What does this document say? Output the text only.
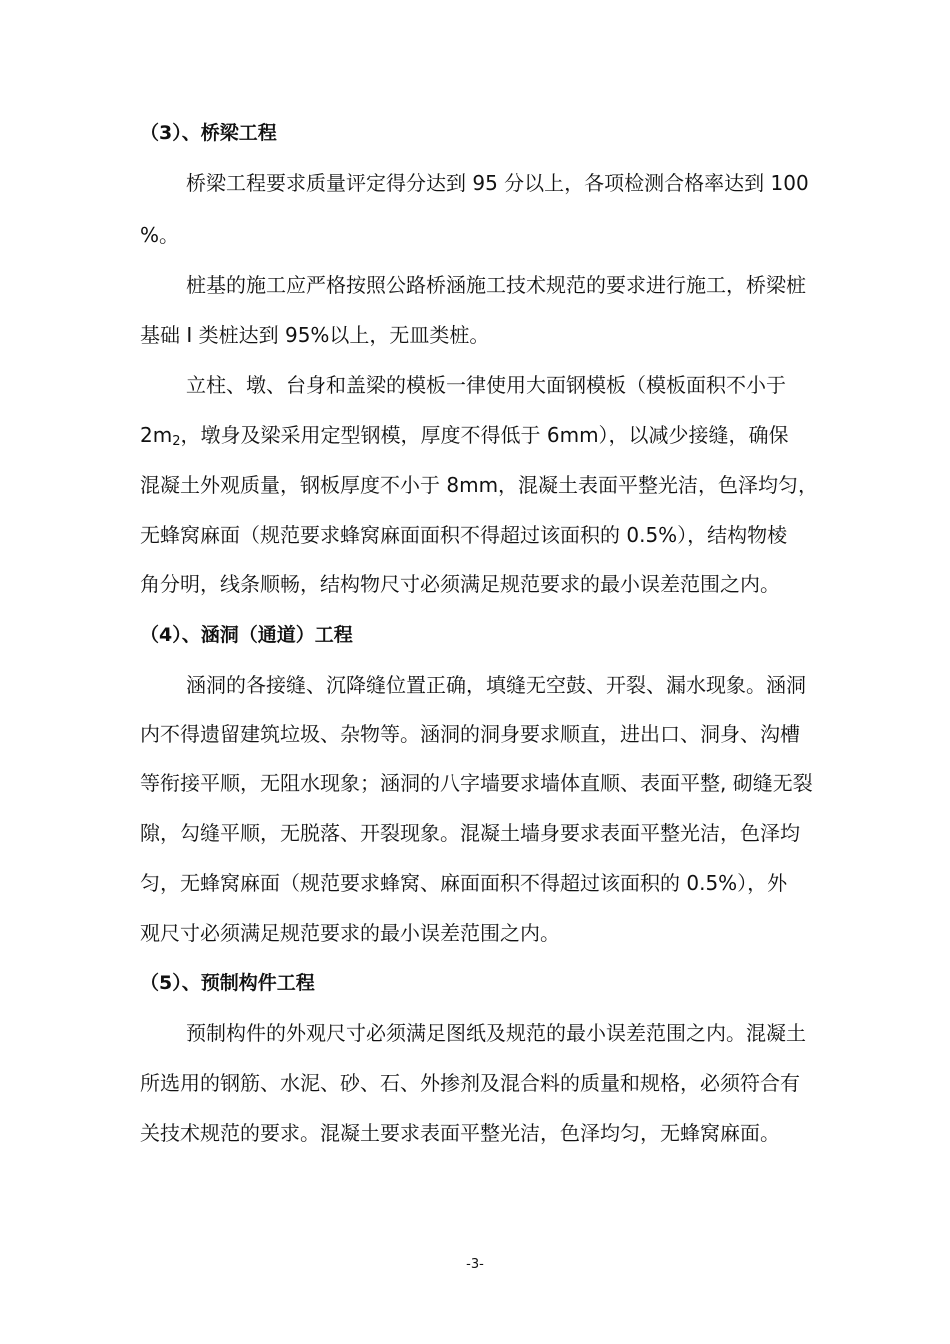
（3）、桥梁工程
桥梁工程要求质量评定得分达到 95 分以上，各项检测合格率达到 100
%。
桩基的施工应严格按照公路桥涵施工技术规范的要求进行施工，桥梁桩
基础 I 类桩达到 95%以上，无皿类桩。
立柱、墩、台身和盖梁的模板一律使用大面钢模板（模板面积不小于
$2m_2$，墩身及梁采用定型钢模，厚度不得低于 6mm），以减少接缝，确保
混凝土外观质量，钢板厚度不小于 8mm，混凝土表面平整光洁，色泽均匀，
无蜂窝麻面（规范要求蜂窝麻面面积不得超过该面积的 0.5%），结构物棱
角分明，线条顺畅，结构物尺寸必须满足规范要求的最小误差范围之内。
（4）、涵洞（通道）工程
涵洞的各接缝、沉降缝位置正确，填缝无空鼓、开裂、漏水现象。涵洞
内不得遗留建筑垃圾、杂物等。涵洞的洞身要求顺直，进出口、洞身、沟槽
等衔接平顺，无阻水现象；涵洞的八字墙要求墙体直顺、表面平整, 砌缝无裂
隙，勾缝平顺，无脱落、开裂现象。混凝土墙身要求表面平整光洁，色泽均
匀，无蜂窝麻面（规范要求蜂窝、麻面面积不得超过该面积的 0.5%），外
观尺寸必须满足规范要求的最小误差范围之内。
（5）、预制构件工程
预制构件的外观尺寸必须满足图纸及规范的最小误差范围之内。混凝土
所选用的钢筋、水泥、砂、石、外掺剂及混合料的质量和规格，必须符合有
关技术规范的要求。混凝土要求表面平整光洁，色泽均匀，无蜂窝麻面。
-3-
